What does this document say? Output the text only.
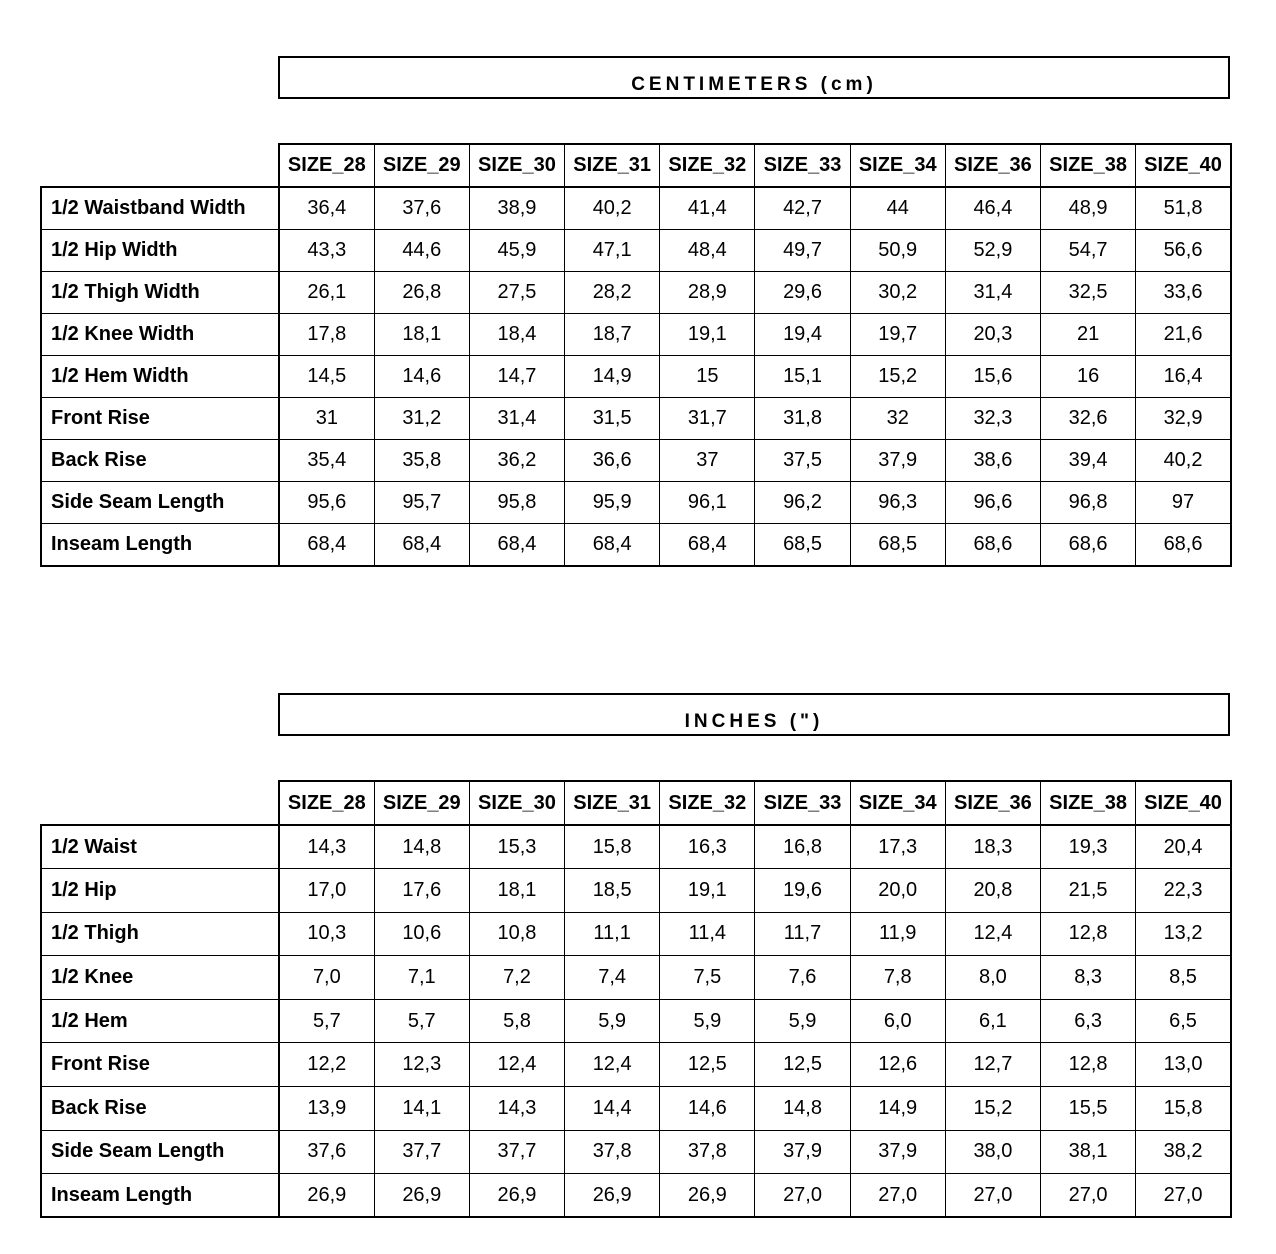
CENTIMETERS (cm)
	SIZE_28	SIZE_29	SIZE_30	SIZE_31	SIZE_32	SIZE_33	SIZE_34	SIZE_36	SIZE_38	SIZE_40
1/2 Waistband Width	36,4	37,6	38,9	40,2	41,4	42,7	44	46,4	48,9	51,8
1/2 Hip Width	43,3	44,6	45,9	47,1	48,4	49,7	50,9	52,9	54,7	56,6
1/2 Thigh Width	26,1	26,8	27,5	28,2	28,9	29,6	30,2	31,4	32,5	33,6
1/2 Knee Width	17,8	18,1	18,4	18,7	19,1	19,4	19,7	20,3	21	21,6
1/2 Hem Width	14,5	14,6	14,7	14,9	15	15,1	15,2	15,6	16	16,4
Front Rise	31	31,2	31,4	31,5	31,7	31,8	32	32,3	32,6	32,9
Back Rise	35,4	35,8	36,2	36,6	37	37,5	37,9	38,6	39,4	40,2
Side Seam Length	95,6	95,7	95,8	95,9	96,1	96,2	96,3	96,6	96,8	97
Inseam Length	68,4	68,4	68,4	68,4	68,4	68,5	68,5	68,6	68,6	68,6
INCHES (")
	SIZE_28	SIZE_29	SIZE_30	SIZE_31	SIZE_32	SIZE_33	SIZE_34	SIZE_36	SIZE_38	SIZE_40
1/2 Waist	14,3	14,8	15,3	15,8	16,3	16,8	17,3	18,3	19,3	20,4
1/2 Hip	17,0	17,6	18,1	18,5	19,1	19,6	20,0	20,8	21,5	22,3
1/2 Thigh	10,3	10,6	10,8	11,1	11,4	11,7	11,9	12,4	12,8	13,2
1/2 Knee	7,0	7,1	7,2	7,4	7,5	7,6	7,8	8,0	8,3	8,5
1/2 Hem	5,7	5,7	5,8	5,9	5,9	5,9	6,0	6,1	6,3	6,5
Front Rise	12,2	12,3	12,4	12,4	12,5	12,5	12,6	12,7	12,8	13,0
Back Rise	13,9	14,1	14,3	14,4	14,6	14,8	14,9	15,2	15,5	15,8
Side Seam Length	37,6	37,7	37,7	37,8	37,8	37,9	37,9	38,0	38,1	38,2
Inseam Length	26,9	26,9	26,9	26,9	26,9	27,0	27,0	27,0	27,0	27,0
